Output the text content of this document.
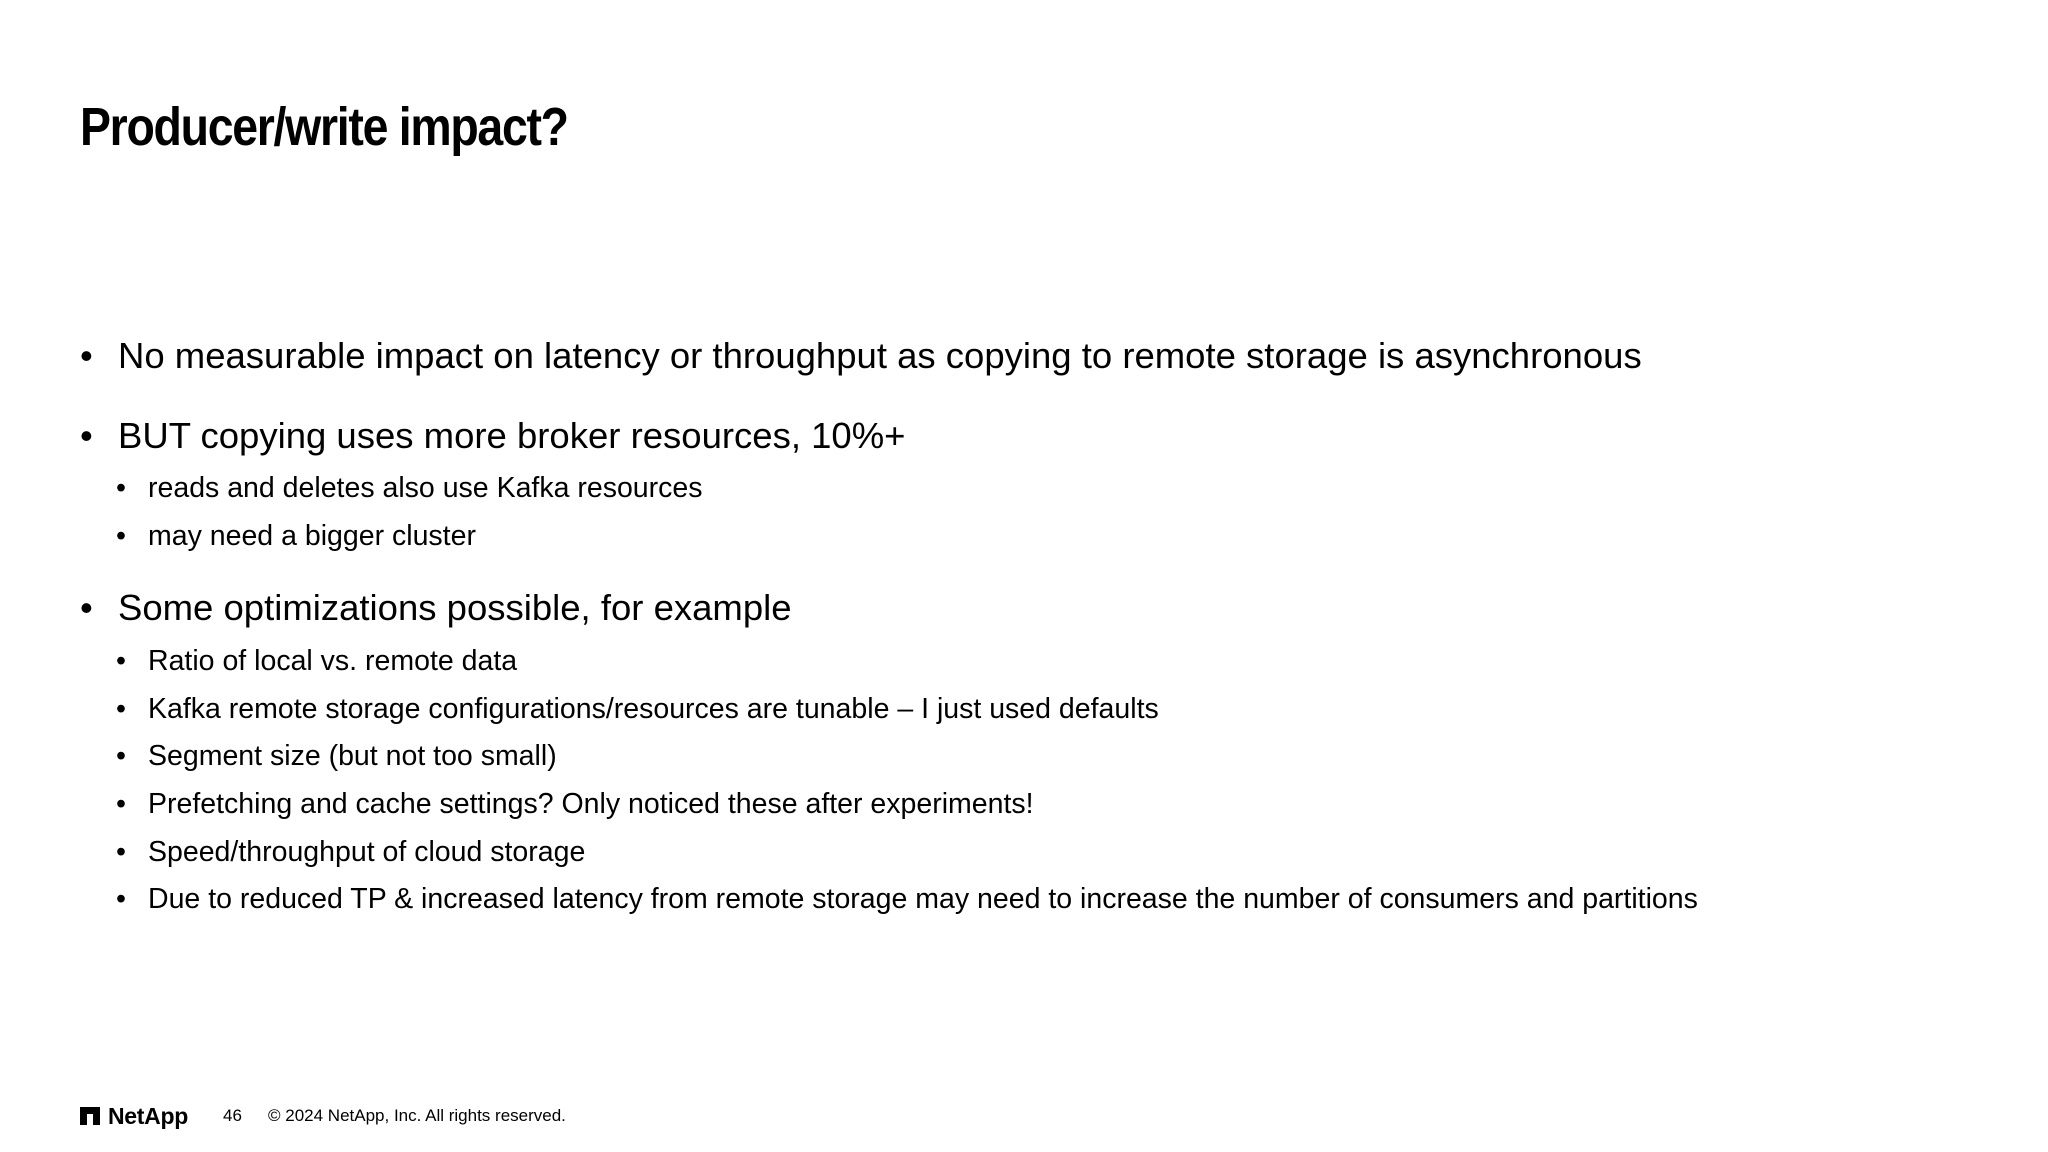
Producer/write impact?
• No measurable impact on latency or throughput as copying to remote storage is asynchronous
• BUT copying uses more broker resources, 10%+
• reads and deletes also use Kafka resources
• may need a bigger cluster
• Some optimizations possible, for example
• Ratio of local vs. remote data
• Kafka remote storage configurations/resources are tunable – I just used defaults
• Segment size (but not too small)
• Prefetching and cache settings? Only noticed these after experiments!
• Speed/throughput of cloud storage
• Due to reduced TP & increased latency from remote storage may need to increase the number of consumers and partitions
NetApp 46 © 2024 NetApp, Inc. All rights reserved.
